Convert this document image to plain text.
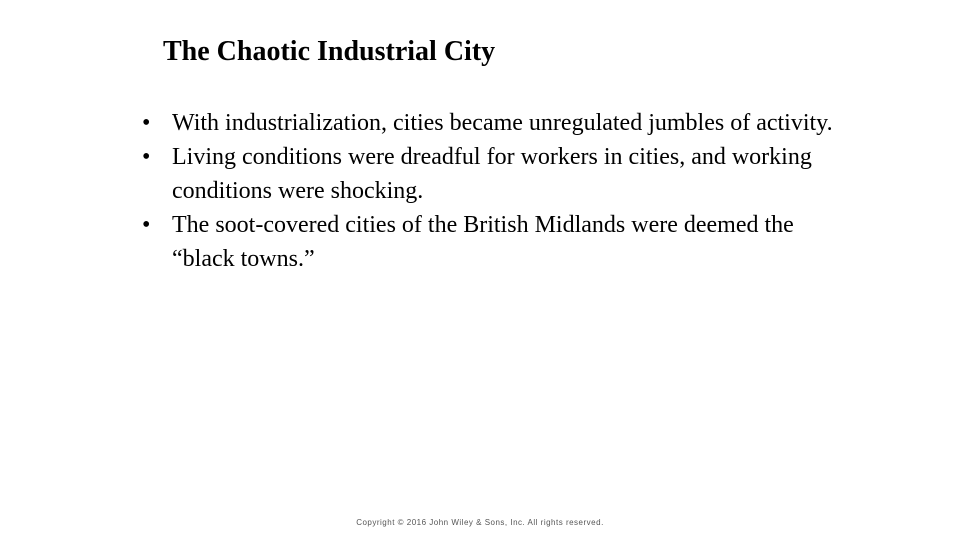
The Chaotic Industrial City
• With industrialization, cities became unregulated jumbles of activity.
• Living conditions were dreadful for workers in cities, and working conditions were shocking.
• The soot-covered cities of the British Midlands were deemed the “black towns.”
Copyright © 2016 John Wiley & Sons, Inc. All rights reserved.
